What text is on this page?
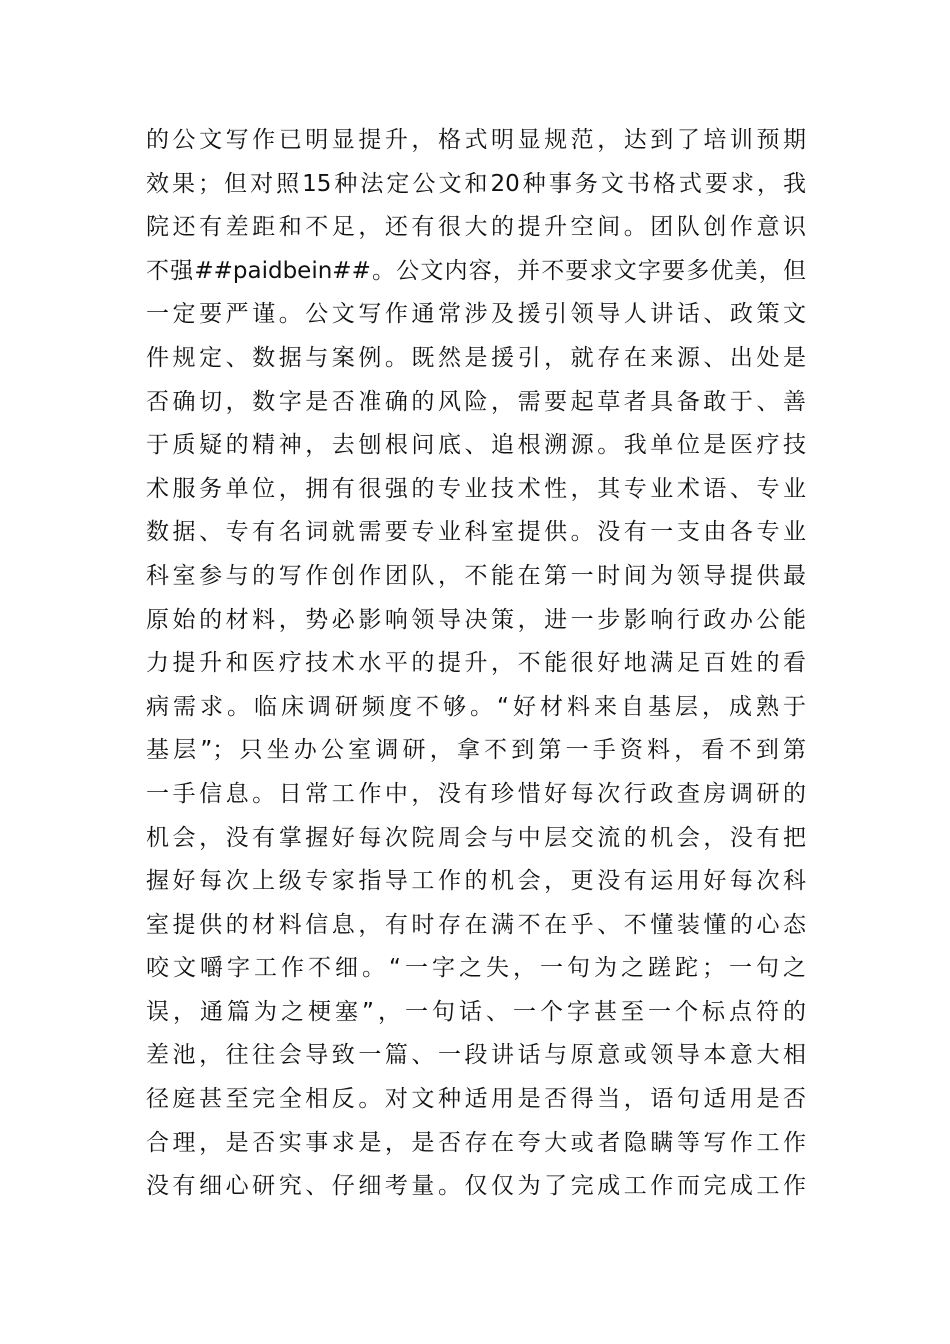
的公文写作已明显提升，格式明显规范，达到了培训预期
效果；但对照15种法定公文和20种事务文书格式要求，我
院还有差距和不足，还有很大的提升空间。团队创作意识
不强##paidbein##。公文内容，并不要求文字要多优美，但
一定要严谨。公文写作通常涉及援引领导人讲话、政策文
件规定、数据与案例。既然是援引，就存在来源、出处是
否确切，数字是否准确的风险，需要起草者具备敢于、善
于质疑的精神，去刨根问底、追根溯源。我单位是医疗技
术服务单位，拥有很强的专业技术性，其专业术语、专业
数据、专有名词就需要专业科室提供。没有一支由各专业
科室参与的写作创作团队，不能在第一时间为领导提供最
原始的材料，势必影响领导决策，进一步影响行政办公能
力提升和医疗技术水平的提升，不能很好地满足百姓的看
病需求。临床调研频度不够。“好材料来自基层，成熟于
基层”；只坐办公室调研，拿不到第一手资料，看不到第
一手信息。日常工作中，没有珍惜好每次行政查房调研的
机会，没有掌握好每次院周会与中层交流的机会，没有把
握好每次上级专家指导工作的机会，更没有运用好每次科
室提供的材料信息，有时存在满不在乎、不懂装懂的心态
咬文嚼字工作不细。“一字之失，一句为之蹉跎；一句之
误，通篇为之梗塞”，一句话、一个字甚至一个标点符的
差池，往往会导致一篇、一段讲话与原意或领导本意大相
径庭甚至完全相反。对文种适用是否得当，语句适用是否
合理，是否实事求是，是否存在夸大或者隐瞒等写作工作
没有细心研究、仔细考量。仅仅为了完成工作而完成工作
